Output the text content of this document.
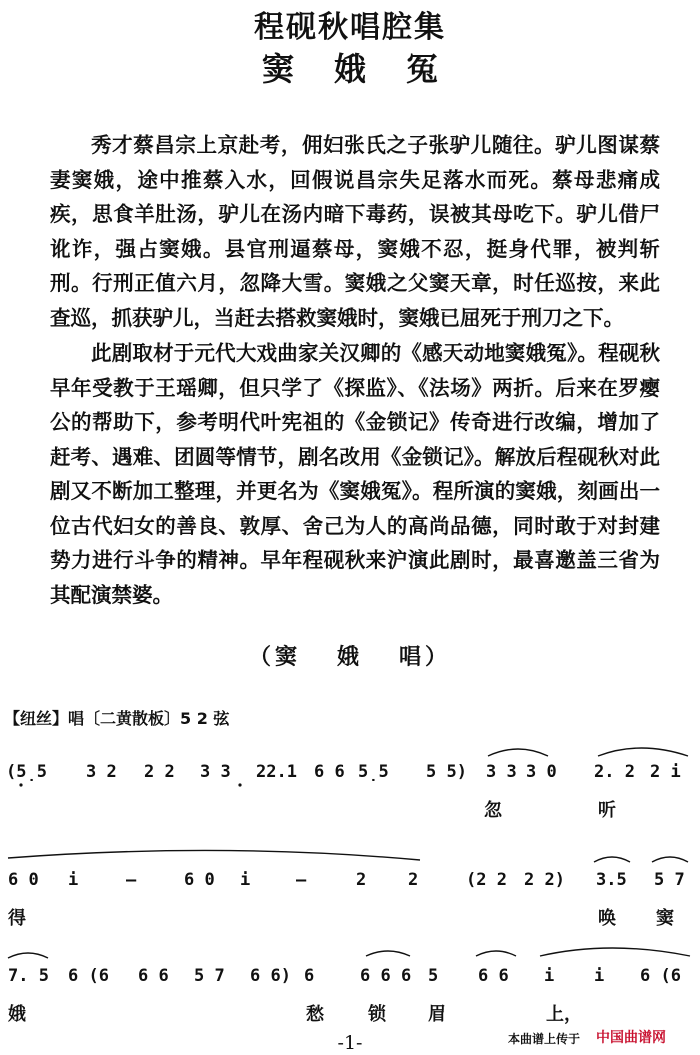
程砚秋唱腔集
窦娥冤
秀才蔡昌宗上京赴考，佣妇张氏之子张驴儿随往。驴儿图谋蔡妻窦娥，途中推蔡入水，回假说昌宗失足落水而死。蔡母悲痛成疾，思食羊肚汤，驴儿在汤内暗下毒药，误被其母吃下。驴儿借尸讹诈，强占窦娥。县官刑逼蔡母，窦娥不忍，挺身代罪，被判斩刑。行刑正值六月，忽降大雪。窦娥之父窦天章，时任巡按，来此查巡，抓获驴儿，当赶去搭救窦娥时，窦娥已屈死于刑刀之下。
此剧取材于元代大戏曲家关汉卿的《感天动地窦娥冤》。程砚秋早年受教于王瑶卿，但只学了《探监》、《法场》两折。后来在罗瘿公的帮助下，参考明代叶宪祖的《金锁记》传奇进行改编，增加了赶考、遇难、团圆等情节，剧名改用《金锁记》。解放后程砚秋对此剧又不断加工整理，并更名为《窦娥冤》。程所演的窦娥，刻画出一位古代妇女的善良、敦厚、舍己为人的高尚品德，同时敢于对封建势力进行斗争的精神。早年程砚秋来沪演此剧时，最喜邀盖三省为其配演禁婆。
（窦 娥 唱）
【纽丝】唱〔二黄散板〕5 2 弦
(5̣5 3 2 2 2 3 3 22.1 6 6 5̣5 5 5) 3 3 3 0 2. 2 2 i
忽	听
6 0 i	–	6 0 i	–	2 2	(2 2 2 2) 3.5 5 7
得	唤 窦
7. 5 6 (6 6 6 5 7 6 6) 6	6 6 6 5 6 6 i i 6 (6
娥	愁 锁 眉	上，
-1-	本曲谱上传于 中国曲谱网
